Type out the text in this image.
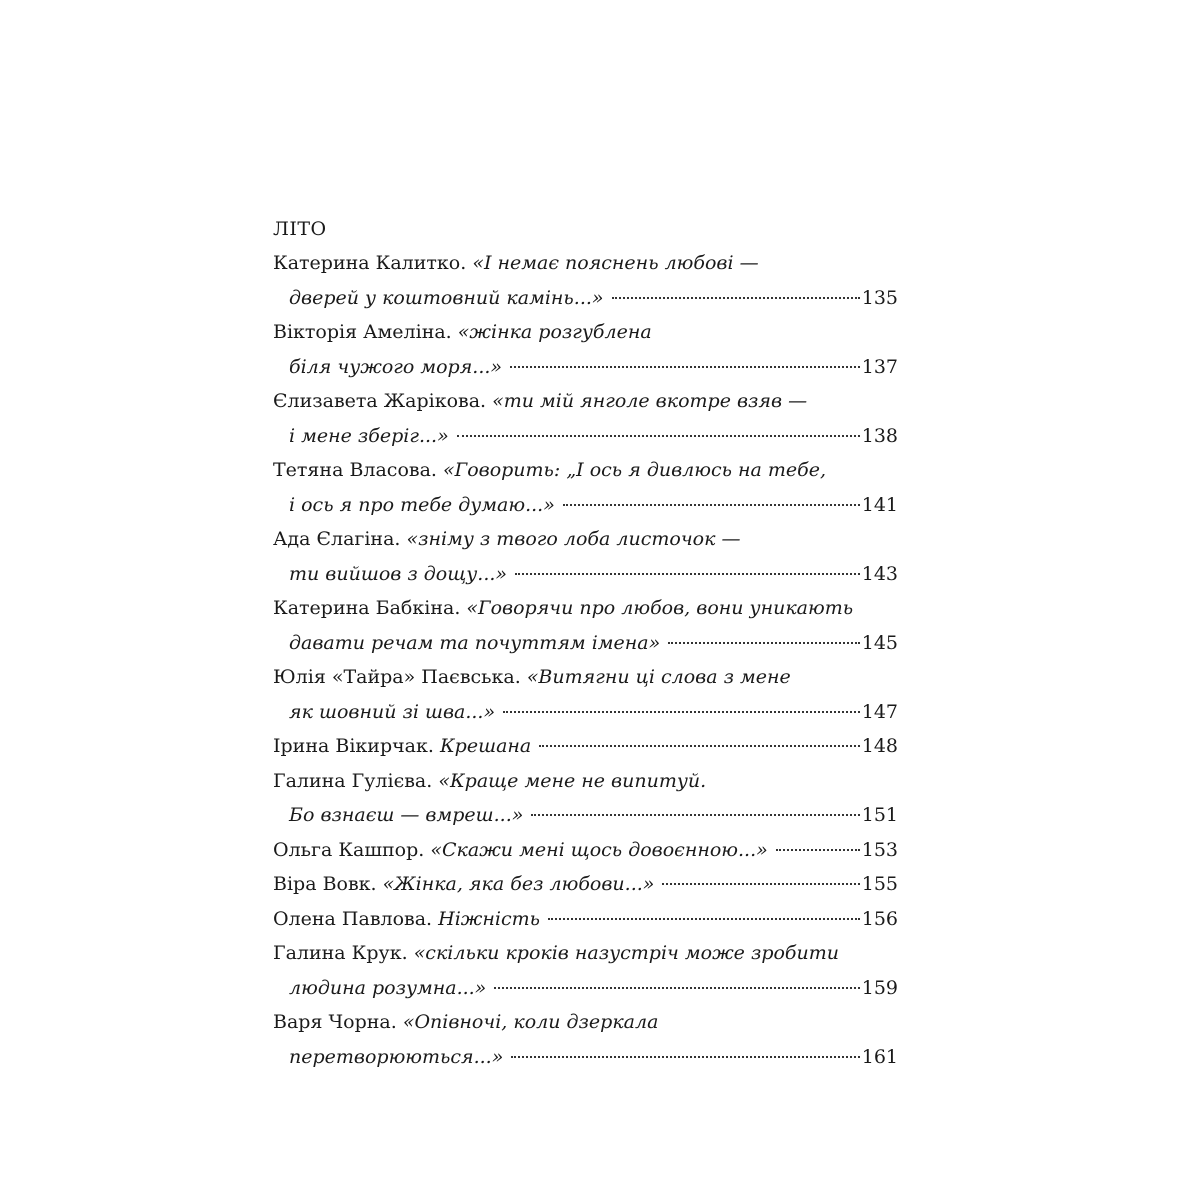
ЛІТО
Катерина Калитко. «І немає пояснень любові —
дверей у коштовний камінь...»	135
Вікторія Амеліна. «жінка розгублена
біля чужого моря...»	137
Єлизавета Жарікова. «ти мій янголе вкотре взяв —
і мене зберіг...»	138
Тетяна Власова. «Говорить: „І ось я дивлюсь на тебе,
і ось я про тебе думаю...»	141
Ада Єлагіна. «зніму з твого лоба листочок —
ти вийшов з дощу...»	143
Катерина Бабкіна. «Говорячи про любов, вони уникають
давати речам та почуттям імена»	145
Юлія «Тайра» Паєвська. «Витягни ці слова з мене
як шовний зі шва...»	147
Ірина Вікирчак. Крешана	148
Галина Гулієва. «Краще мене не випитуй.
Бо взнаєш — вмреш...»	151
Ольга Кашпор. «Скажи мені щось довоєнною...»	153
Віра Вовк. «Жінка, яка без любови...»	155
Олена Павлова. Ніжність	156
Галина Крук. «скільки кроків назустріч може зробити
людина розумна...»	159
Варя Чорна. «Опівночі, коли дзеркала
перетворюються...»	161
